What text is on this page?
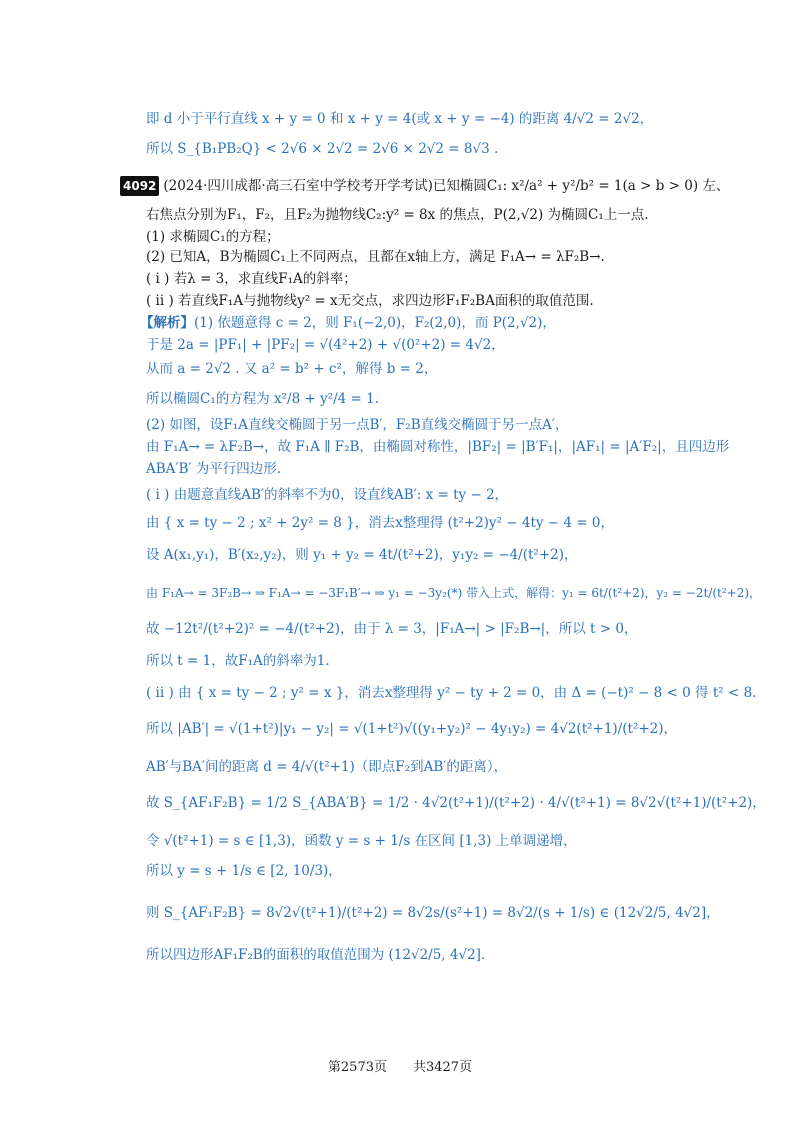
即 d 小于平行直线 x + y = 0 和 x + y = 4(或 x + y = −4) 的距离 4/√2 = 2√2，
所以 S_{B₁PB₂Q} < 2√6 × 2√2 = 2√6 × 2√2 = 8√3 .
4092 (2024·四川成都·高三石室中学校考开学考试)已知椭圆C₁: x²/a² + y²/b² = 1(a > b > 0) 左、
右焦点分别为F₁，F₂，且F₂为抛物线C₂:y² = 8x 的焦点，P(2,√2) 为椭圆C₁上一点.
(1) 求椭圆C₁的方程；
(2) 已知A，B为椭圆C₁上不同两点，且都在x轴上方，满足 F₁A→ = λF₂B→.
( i ) 若λ = 3，求直线F₁A的斜率；
( ii ) 若直线F₁A与抛物线y² = x无交点，求四边形F₁F₂BA面积的取值范围.
【解析】(1) 依题意得 c = 2，则 F₁(−2,0)，F₂(2,0)，而 P(2,√2)，
于是 2a = |PF₁| + |PF₂| = √(4²+2) + √(0²+2) = 4√2，
从而 a = 2√2 . 又 a² = b² + c²，解得 b = 2，
所以椭圆C₁的方程为 x²/8 + y²/4 = 1.
(2) 如图，设F₁A直线交椭圆于另一点B′，F₂B直线交椭圆于另一点A′，
由 F₁A→ = λF₂B→，故 F₁A ∥ F₂B，由椭圆对称性，|BF₂| = |B′F₁|，|AF₁| = |A′F₂|，且四边形
ABA′B′ 为平行四边形.
( i ) 由题意直线AB′的斜率不为0，设直线AB′: x = ty − 2，
由 { x = ty − 2 ; x² + 2y² = 8 }，消去x整理得 (t²+2)y² − 4ty − 4 = 0，
设 A(x₁,y₁)，B′(x₂,y₂)，则 y₁ + y₂ = 4t/(t²+2)，y₁y₂ = −4/(t²+2)，
由 F₁A→ = 3F₂B→ ⇒ F₁A→ = −3F₁B′→ ⇒ y₁ = −3y₂(*) 带入上式，解得：y₁ = 6t/(t²+2)，y₂ = −2t/(t²+2)，
故 −12t²/(t²+2)² = −4/(t²+2)，由于 λ = 3，|F₁A→| > |F₂B→|，所以 t > 0，
所以 t = 1，故F₁A的斜率为1.
( ii ) 由 { x = ty − 2 ; y² = x }，消去x整理得 y² − ty + 2 = 0，由 Δ = (−t)² − 8 < 0 得 t² < 8.
所以 |AB′| = √(1+t²)|y₁ − y₂| = √(1+t²)√((y₁+y₂)² − 4y₁y₂) = 4√2(t²+1)/(t²+2)，
AB′与BA′间的距离 d = 4/√(t²+1)（即点F₂到AB′的距离），
故 S_{AF₁F₂B} = 1/2 S_{ABA′B} = 1/2 · 4√2(t²+1)/(t²+2) · 4/√(t²+1) = 8√2√(t²+1)/(t²+2)，
令 √(t²+1) = s ∈ [1,3)，函数 y = s + 1/s 在区间 [1,3) 上单调递增，
所以 y = s + 1/s ∈ [2, 10/3)，
则 S_{AF₁F₂B} = 8√2√(t²+1)/(t²+2) = 8√2s/(s²+1) = 8√2/(s + 1/s) ∈ (12√2/5, 4√2]，
所以四边形AF₁F₂B的面积的取值范围为 (12√2/5, 4√2].
第2573页　　共3427页
